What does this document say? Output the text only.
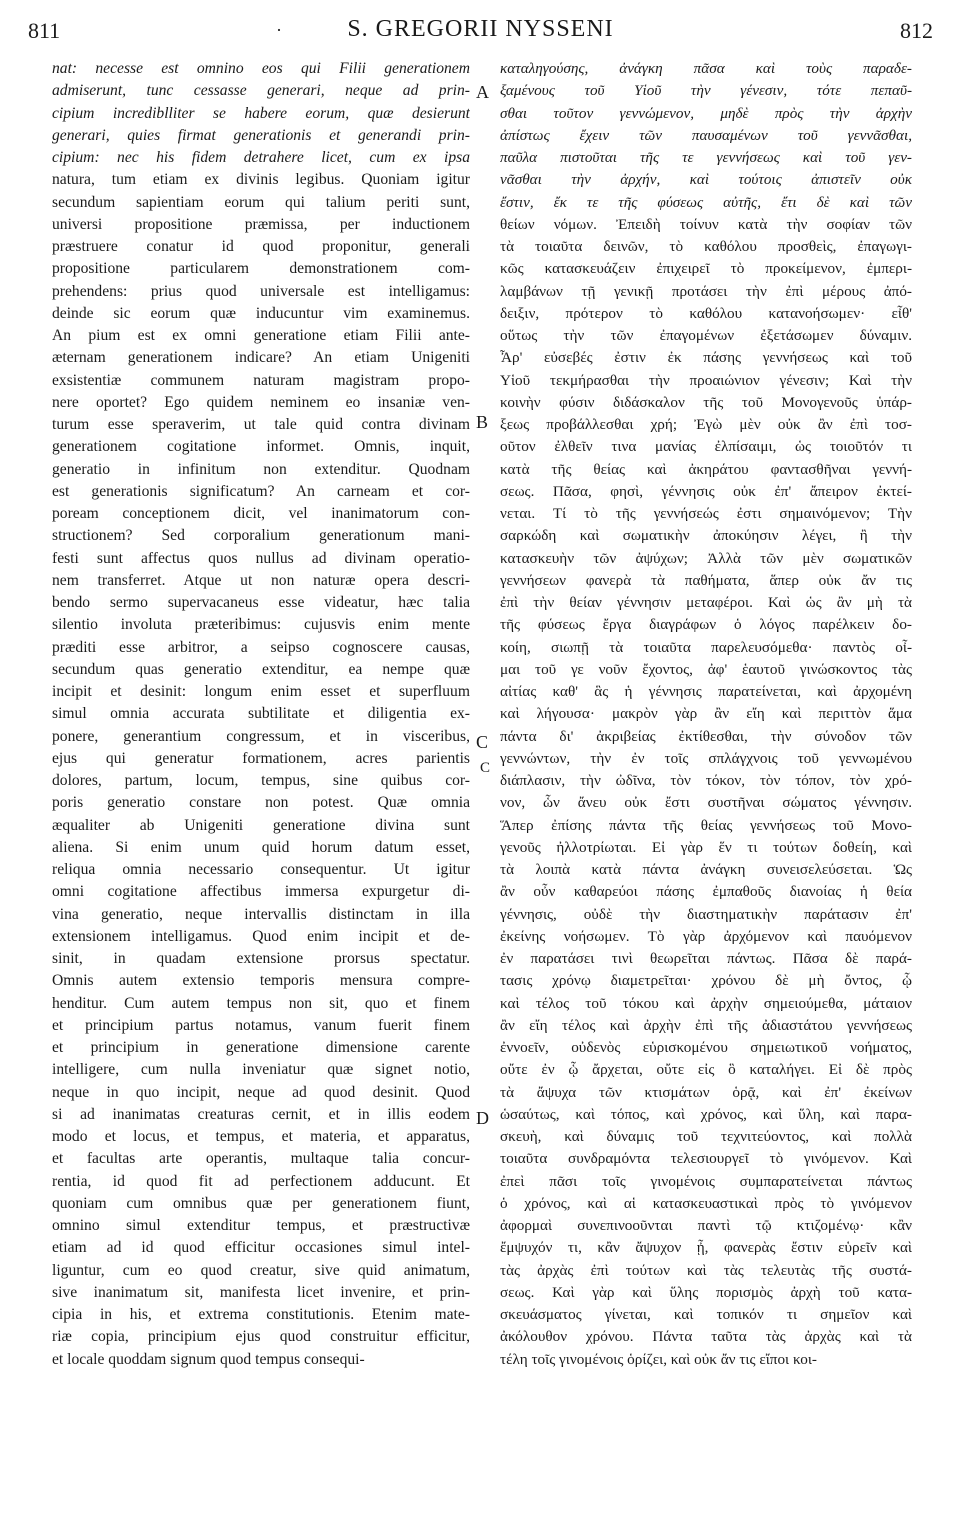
811	·	S. GREGORII NYSSENI	812
nat: necesse est omnino eos qui Filii generationem
admiserunt, tunc cessasse generari, neque ad prin-
cipium incrediblliter se habere eorum, quæ desierunt
generari, quies firmat generationis et generandi prin-
cipium: nec his fidem detrahere licet, cum ex ipsa
natura, tum etiam ex divinis legibus. Quoniam igitur
secundum sapientiam eorum qui talium periti sunt,
universi propositione præmissa, per inductionem
præstruere conatur id quod proponitur, generali
propositione particularem demonstrationem com-
prehendens: prius quod universale est intelligamus:
deinde sic eorum quæ inducuntur vim examinemus.
An pium est ex omni generatione etiam Filii ante-
æternam generationem indicare? An etiam Unigeniti
exsistentiæ communem naturam magistram propo-
nere oportet? Ego quidem neminem eo insaniæ ven-
turum esse speraverim, ut tale quid contra divinam
generationem cogitatione informet. Omnis, inquit,
generatio in infinitum non extenditur. Quodnam
est generationis significatum? An carneam et cor-
poream conceptionem dicit, vel inanimatorum con-
structionem? Sed corporalium generationum mani-
festi sunt affectus quos nullus ad divinam operatio-
nem transferret. Atque ut non naturæ opera descri-
bendo sermo supervacaneus esse videatur, hæc talia
silentio involuta præteribimus: cujusvis enim mente
præditi esse arbitror, a seipso cognoscere causas,
secundum quas generatio extenditur, ea nempe quæ
incipit et desinit: longum enim esset et superfluum
simul omnia accurata subtilitate et diligentia ex-
ponere, generantium congressum, et in visceribus,
ejus qui generatur formationem, acres parientis
dolores, partum, locum, tempus, sine quibus cor-
poris generatio constare non potest. Quæ omnia
æqualiter ab Unigeniti generatione divina sunt
aliena. Si enim unum quid horum datum esset,
reliqua omnia necessario consequentur. Ut igitur
omni cogitatione affectibus immersa expurgetur di-
vina generatio, neque intervallis distinctam in illa
extensionem intelligamus. Quod enim incipit et de-
sinit, in quadam extensione prorsus spectatur.
Omnis autem extensio temporis mensura compre-
henditur. Cum autem tempus non sit, quo et finem
et principium partus notamus, vanum fuerit finem
et principium in generatione dimensione carente
intelligere, cum nulla inveniatur quæ signet notio,
neque in quo incipit, neque ad quod desinit. Quod
si ad inanimatas creaturas cernit, et in illis eodem
modo et locus, et tempus, et materia, et apparatus,
et facultas arte operantis, multaque talia concur-
rentia, id quod fit ad perfectionem adducunt. Et
quoniam cum omnibus quæ per generationem fiunt,
omnino simul extenditur tempus, et præstructivæ
etiam ad id quod efficitur occasiones simul intel-
liguntur, cum eo quod creatur, sive quid animatum,
sive inanimatum sit, manifesta licet invenire, et prin-
cipia in his, et extrema constitutionis. Etenim mate-
riæ copia, principium ejus quod construitur efficitur,
et locale quoddam signum quod tempus consequi-
A
B
C
C
D
καταληγούσης, ἀνάγκη πᾶσα καὶ τοὺς παραδε-
ξαμένους τοῦ Υἱοῦ τὴν γένεσιν, τότε πεπαῦ-
σθαι τοῦτον γεννώμενον, μηδὲ πρὸς τὴν ἀρχὴν
ἀπίστως ἔχειν τῶν παυσαμένων τοῦ γεννᾶσθαι,
παῦλα πιστοῦται τῆς τε γεννήσεως καὶ τοῦ γεν-
νᾶσθαι τὴν ἀρχήν, καὶ τούτοις ἀπιστεῖν οὐκ
ἔστιν, ἔκ τε τῆς φύσεως αὐτῆς, ἔτι δὲ καὶ τῶν
θείων νόμων. Ἐπειδὴ τοίνυν κατὰ τὴν σοφίαν τῶν
τὰ τοιαῦτα δεινῶν, τὸ καθόλου προσθεὶς, ἐπαγωγι-
κῶς κατασκευάζειν ἐπιχειρεῖ τὸ προκείμενον, ἐμπερι-
λαμβάνων τῇ γενικῇ προτάσει τὴν ἐπὶ μέρους ἀπό-
δειξιν, πρότερον τὸ καθόλου κατανοήσωμεν· εἶθ'
οὕτως τὴν τῶν ἐπαγομένων ἐξετάσωμεν δύναμιν.
Ἆρ' εὐσεβές ἐστιν ἐκ πάσης γεννήσεως καὶ τοῦ
Υἱοῦ τεκμήρασθαι τὴν προαιώνιον γένεσιν; Καὶ τὴν
κοινὴν φύσιν διδάσκαλον τῆς τοῦ Μονογενοῦς ὑπάρ-
ξεως προβάλλεσθαι χρή; Ἐγὼ μὲν οὐκ ἂν ἐπὶ τοσ-
οῦτον ἐλθεῖν τινα μανίας ἐλπίσαιμι, ὡς τοιοῦτόν τι
κατὰ τῆς θείας καὶ ἀκηράτου φαντασθῆναι γεννή-
σεως. Πᾶσα, φησὶ, γέννησις οὐκ ἐπ' ἄπειρον ἐκτεί-
νεται. Τί τὸ τῆς γεννήσεώς ἐστι σημαινόμενον; Τὴν
σαρκώδη καὶ σωματικὴν ἀποκύησιν λέγει, ἢ τὴν
κατασκευὴν τῶν ἀψύχων; Ἀλλὰ τῶν μὲν σωματικῶν
γεννήσεων φανερὰ τὰ παθήματα, ἅπερ οὐκ ἄν τις
ἐπὶ τὴν θείαν γέννησιν μεταφέροι. Καὶ ὡς ἂν μὴ τὰ
τῆς φύσεως ἔργα διαγράφων ὁ λόγος παρέλκειν δο-
κοίη, σιωπῇ τὰ τοιαῦτα παρελευσόμεθα· παντὸς οἶ-
μαι τοῦ γε νοῦν ἔχοντος, ἀφ' ἑαυτοῦ γινώσκοντος τὰς
αἰτίας καθ' ἃς ἡ γέννησις παρατείνεται, καὶ ἀρχομένη
καὶ λήγουσα· μακρὸν γὰρ ἂν εἴη καὶ περιττὸν ἅμα
πάντα δι' ἀκριβείας ἐκτίθεσθαι, τὴν σύνοδον τῶν
γεννώντων, τὴν ἐν τοῖς σπλάγχνοις τοῦ γεννωμένου
διάπλασιν, τὴν ὠδῖνα, τὸν τόκον, τὸν τόπον, τὸν χρό-
νον, ὧν ἄνευ οὐκ ἔστι συστῆναι σώματος γέννησιν.
Ἅπερ ἐπίσης πάντα τῆς θείας γεννήσεως τοῦ Μονο-
γενοῦς ἠλλοτρίωται. Εἰ γὰρ ἕν τι τούτων δοθείη, καὶ
τὰ λοιπὰ κατὰ πάντα ἀνάγκη συνεισελεύσεται. Ὡς
ἂν οὖν καθαρεύοι πάσης ἐμπαθοῦς διανοίας ἡ θεία
γέννησις, οὐδὲ τὴν διαστηματικὴν παράτασιν ἐπ'
ἐκείνης νοήσωμεν. Τὸ γὰρ ἀρχόμενον καὶ παυόμενον
ἐν παρατάσει τινὶ θεωρεῖται πάντως. Πᾶσα δὲ παρά-
τασις χρόνῳ διαμετρεῖται· χρόνου δὲ μὴ ὄντος, ᾧ
καὶ τέλος τοῦ τόκου καὶ ἀρχὴν σημειούμεθα, μάταιον
ἂν εἴη τέλος καὶ ἀρχὴν ἐπὶ τῆς ἀδιαστάτου γεννήσεως
ἐννοεῖν, οὐδενὸς εὑρισκομένου σημειωτικοῦ νοήματος,
οὔτε ἐν ᾧ ἄρχεται, οὔτε εἰς ὃ καταλήγει. Εἰ δὲ πρὸς
τὰ ἄψυχα τῶν κτισμάτων ὁρᾷ, καὶ ἐπ' ἐκείνων
ὡσαύτως, καὶ τόπος, καὶ χρόνος, καὶ ὕλη, καὶ παρα-
σκευὴ, καὶ δύναμις τοῦ τεχνιτεύοντος, καὶ πολλὰ
τοιαῦτα συνδραμόντα τελεσιουργεῖ τὸ γινόμενον. Καὶ
ἐπεὶ πᾶσι τοῖς γινομένοις συμπαρατείνεται πάντως
ὁ χρόνος, καὶ αἱ κατασκευαστικαὶ πρὸς τὸ γινόμενον
ἀφορμαὶ συνεπινοοῦνται παντὶ τῷ κτιζομένῳ· κἂν
ἔμψυχόν τι, κἂν ἄψυχον ᾖ, φανερὰς ἔστιν εὑρεῖν καὶ
τὰς ἀρχὰς ἐπὶ τούτων καὶ τὰς τελευτὰς τῆς συστά-
σεως. Καὶ γὰρ καὶ ὕλης πορισμὸς ἀρχὴ τοῦ κατα-
σκευάσματος γίνεται, καὶ τοπικόν τι σημεῖον καὶ
ἀκόλουθον χρόνου. Πάντα ταῦτα τὰς ἀρχὰς καὶ τὰ
τέλη τοῖς γινομένοις ὁρίζει, καὶ οὐκ ἄν τις εἴποι κοι-
